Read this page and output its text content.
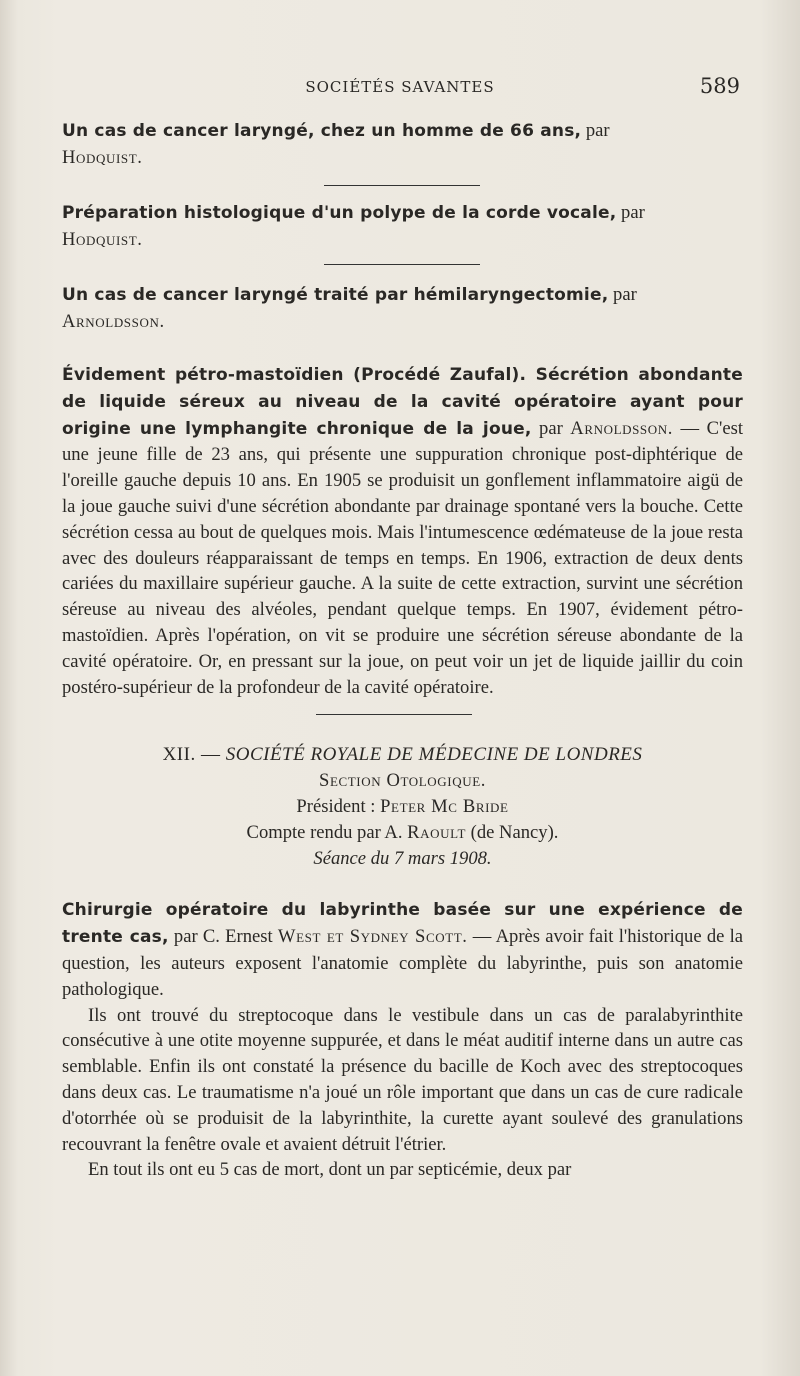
SOCIÉTÉS SAVANTES	589

Un cas de cancer laryngé, chez un homme de 66 ans, par
Hodquist.

Préparation histologique d'un polype de la corde vocale, par
Hodquist.

Un cas de cancer laryngé traité par hémilaryngectomie, par
Arnoldsson.

Évidement pétro-mastoïdien (Procédé Zaufal). Sécrétion abondante de liquide séreux au niveau de la cavité opératoire ayant pour origine une lymphangite chronique de la joue, par Arnoldsson. — C'est une jeune fille de 23 ans, qui présente une suppuration chronique post-diphtérique de l'oreille gauche depuis 10 ans. En 1905 se produisit un gonflement inflammatoire aigü de la joue gauche suivi d'une sécrétion abondante par drainage spontané vers la bouche. Cette sécrétion cessa au bout de quelques mois. Mais l'intumescence œdémateuse de la joue resta avec des douleurs réapparaissant de temps en temps. En 1906, extraction de deux dents cariées du maxillaire supérieur gauche. A la suite de cette extraction, survint une sécrétion séreuse au niveau des alvéoles, pendant quelque temps. En 1907, évidement pétro-mastoïdien. Après l'opération, on vit se produire une sécrétion séreuse abondante de la cavité opératoire. Or, en pressant sur la joue, on peut voir un jet de liquide jaillir du coin postéro-supérieur de la profondeur de la cavité opératoire.

XII. — SOCIÉTÉ ROYALE DE MÉDECINE DE LONDRES

Section Otologique.

Président : Peter Mc Bride

Compte rendu par A. Raoult (de Nancy).

Séance du 7 mars 1908.

Chirurgie opératoire du labyrinthe basée sur une expérience de trente cas, par C. Ernest West et Sydney Scott. — Après avoir fait l'historique de la question, les auteurs exposent l'anatomie complète du labyrinthe, puis son anatomie pathologique.

Ils ont trouvé du streptocoque dans le vestibule dans un cas de paralabyrinthite consécutive à une otite moyenne suppurée, et dans le méat auditif interne dans un autre cas semblable. Enfin ils ont constaté la présence du bacille de Koch avec des streptocoques dans deux cas. Le traumatisme n'a joué un rôle important que dans un cas de cure radicale d'otorrhée où se produisit de la labyrinthite, la curette ayant soulevé des granulations recouvrant la fenêtre ovale et avaient détruit l'étrier.

En tout ils ont eu 5 cas de mort, dont un par septicémie, deux par
